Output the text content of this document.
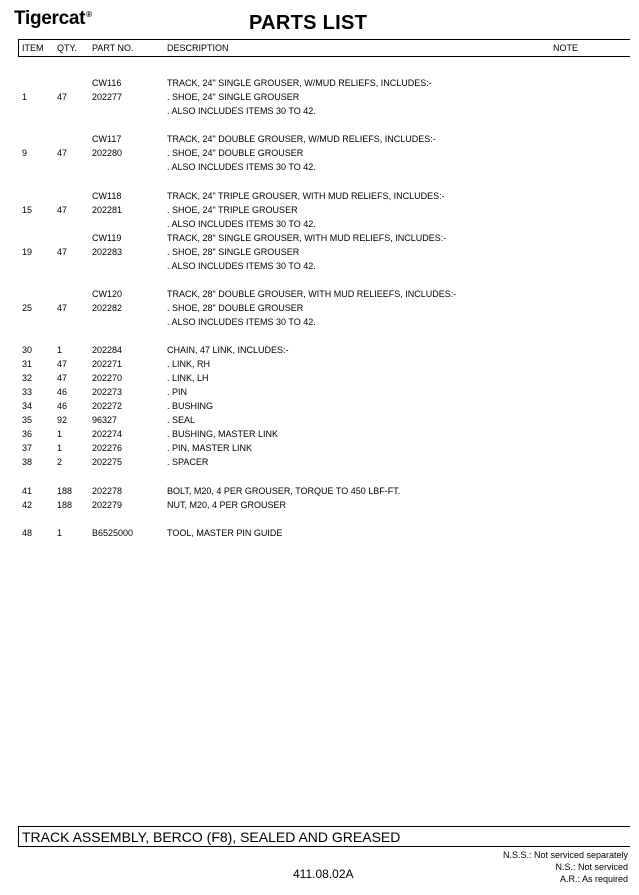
Tigercat®	PARTS LIST
ITEM QTY. PART NO.	DESCRIPTION	NOTE
CW116	TRACK, 24" SINGLE GROUSER, W/MUD RELIEFS, INCLUDES:-
1	47	202277	. SHOE, 24" SINGLE GROUSER
. ALSO INCLUDES ITEMS 30 TO 42.
CW117	TRACK, 24" DOUBLE GROUSER, W/MUD RELIEFS, INCLUDES:-
9	47	202280	. SHOE, 24" DOUBLE GROUSER
. ALSO INCLUDES ITEMS 30 TO 42.
CW118	TRACK, 24" TRIPLE GROUSER, WITH MUD RELIEFS, INCLUDES:-
15	47	202281	. SHOE, 24" TRIPLE GROUSER
. ALSO INCLUDES ITEMS 30 TO 42.
CW119	TRACK, 28" SINGLE GROUSER, WITH MUD RELIEFS, INCLUDES:-
19	47	202283	. SHOE, 28" SINGLE GROUSER
. ALSO INCLUDES ITEMS 30 TO 42.
CW120	TRACK, 28" DOUBLE GROUSER, WITH MUD RELIEEFS, INCLUDES:-
25	47	202282	. SHOE, 28" DOUBLE GROUSER
. ALSO INCLUDES ITEMS 30 TO 42.
30	1	202284	CHAIN, 47 LINK, INCLUDES:-
31	47	202271	. LINK, RH
32	47	202270	. LINK, LH
33	46	202273	. PIN
34	46	202272	. BUSHING
35	92	96327	. SEAL
36	1	202274	. BUSHING, MASTER LINK
37	1	202276	. PIN, MASTER LINK
38	2	202275	. SPACER
41	188 202278	BOLT, M20, 4 PER GROUSER, TORQUE TO 450 LBF-FT.
42	188 202279	NUT, M20, 4 PER GROUSER
48	1	B6525000	TOOL, MASTER PIN GUIDE
TRACK ASSEMBLY, BERCO (F8), SEALED AND GREASED
N.S.S.: Not serviced separately
N.S.: Not serviced
A.R.: As required
411.08.02A
